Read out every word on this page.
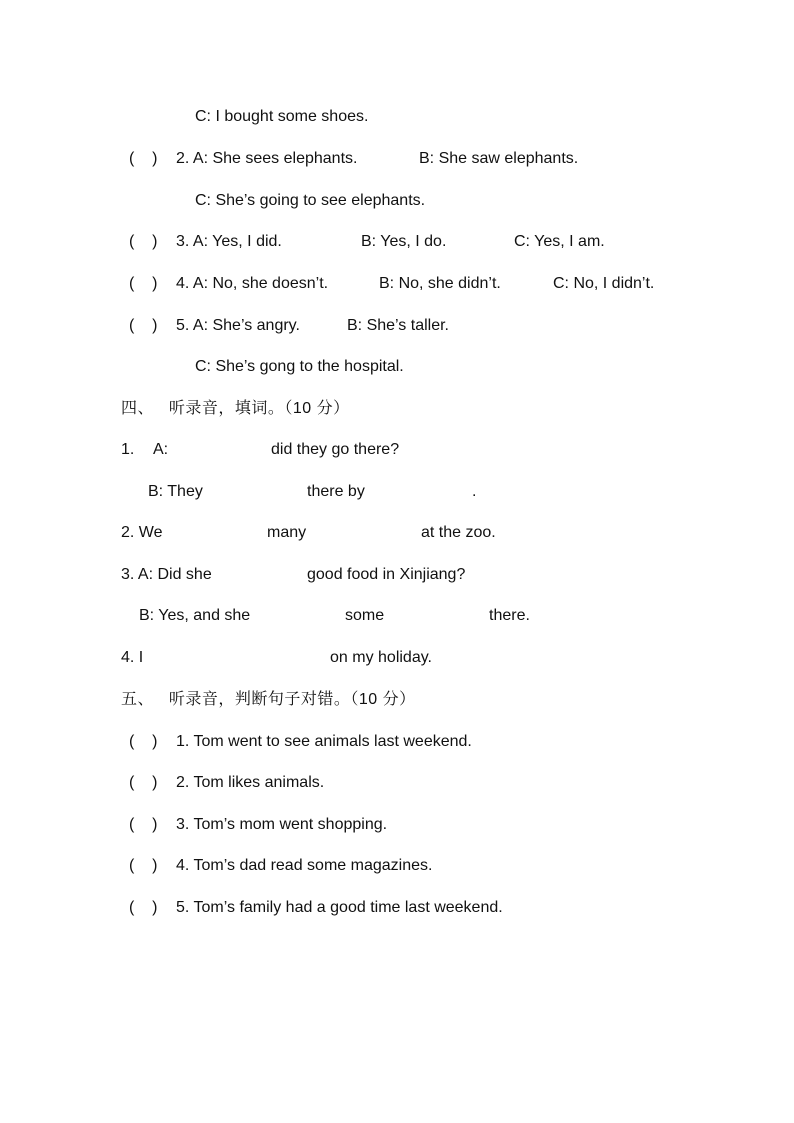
C: I bought some shoes.
(    ) 2. A: She sees elephants.	B: She saw elephants.
C: She’s going to see elephants.
(    ) 3. A: Yes, I did.	B: Yes, I do.	C: Yes, I am.
(    ) 4. A: No, she doesn’t.	B: No, she didn’t.	C: No, I didn’t.
(    ) 5. A: She’s angry.	B: She’s taller.
C: She’s gong to the hospital.
四、   听录音，填词。（10 分）
1. A:	did they go there?
B: They	there by	.
2. We	many	at the zoo.
3. A: Did she	good food in Xinjiang?
B: Yes, and she	some	there.
4. I	on my holiday.
五、   听录音，判断句子对错。（10 分）
(    ) 1. Tom went to see animals last weekend.
(    ) 2. Tom likes animals.
(    ) 3. Tom’s mom went shopping.
(    ) 4. Tom’s dad read some magazines.
(    ) 5. Tom’s family had a good time last weekend.
